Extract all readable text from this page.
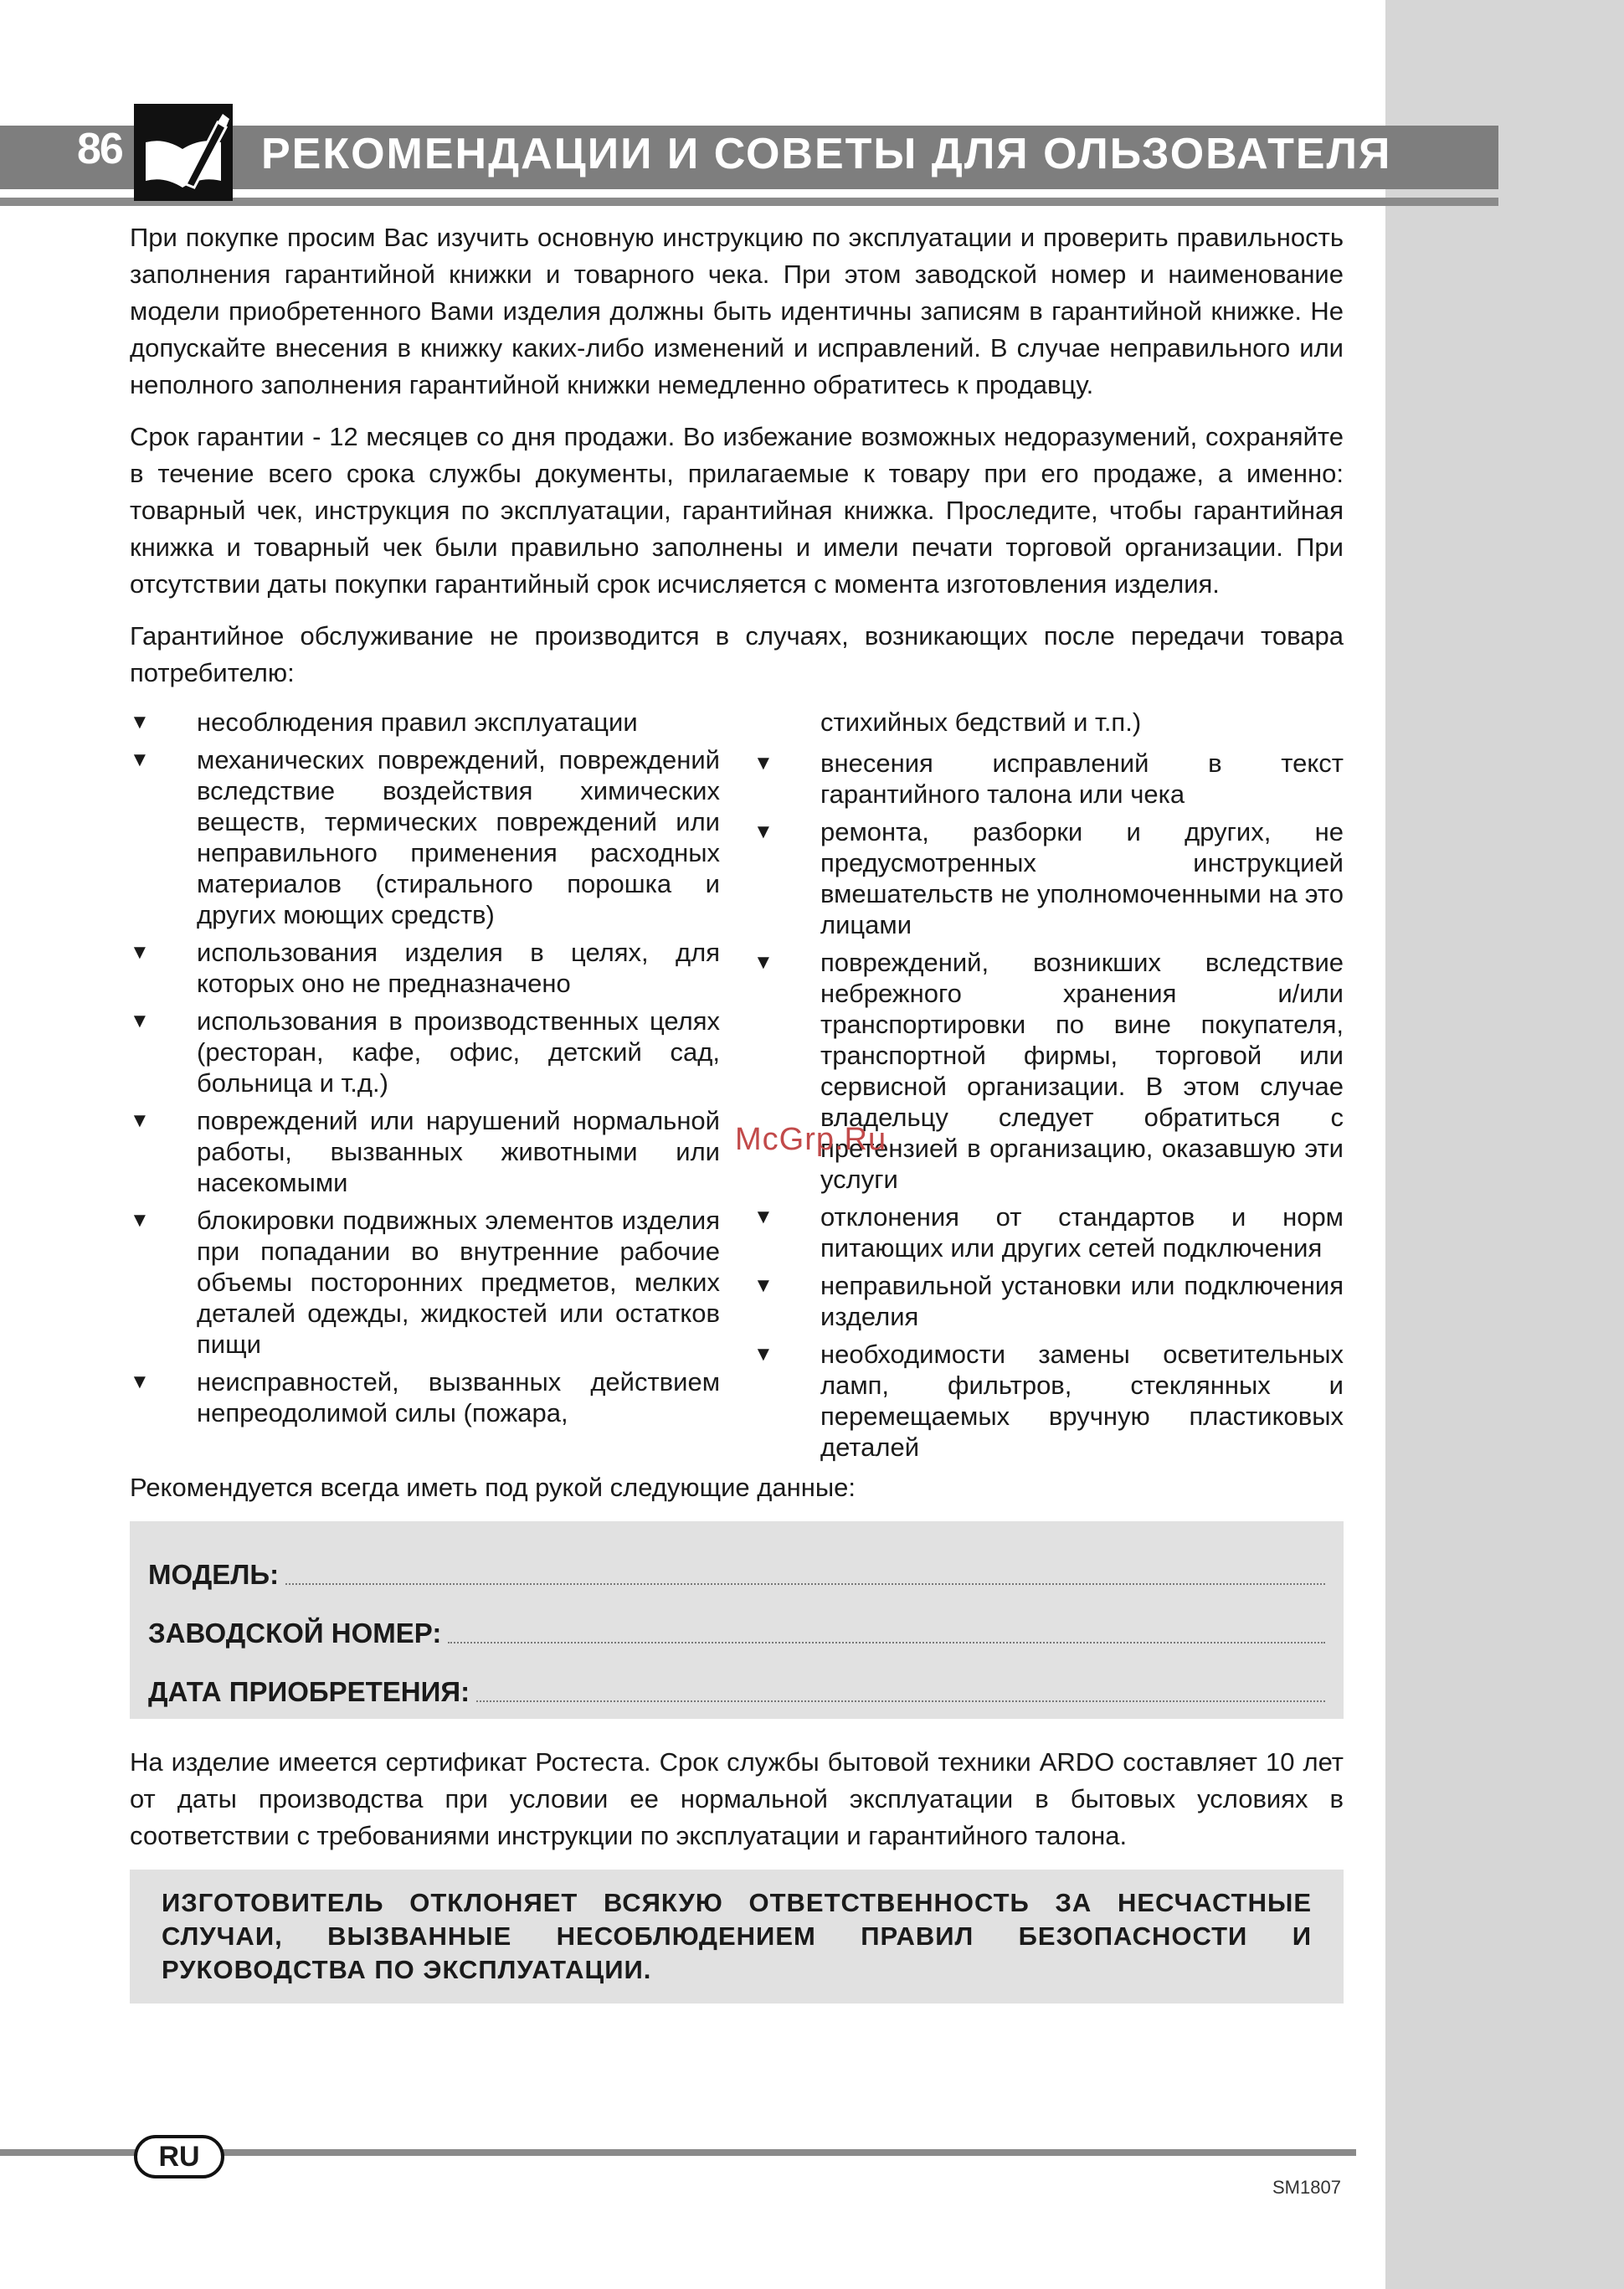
86	РЕКОМЕНДАЦИИ И СОВЕТЫ ДЛЯ ОЛЬЗОВАТЕЛЯ

При покупке просим Вас изучить основную инструкцию по эксплуатации и проверить правильность заполнения гарантийной книжки и товарного чека. При этом заводской номер и наименование модели приобретенного Вами изделия должны быть идентичны записям в гарантийной книжке. Не допускайте внесения в книжку каких-либо изменений и исправлений. В случае неправильного или неполного заполнения гарантийной книжки немедленно обратитесь к продавцу.

Срок гарантии - 12 месяцев со дня продажи. Во избежание возможных недоразумений, сохраняйте в течение всего срока службы документы, прилагаемые к товару при его продаже, а именно: товарный чек, инструкция по эксплуатации, гарантийная книжка. Проследите, чтобы гарантийная книжка и товарный чек были правильно заполнены и имели печати торговой организации. При отсутствии даты покупки гарантийный срок исчисляется с момента изготовления изделия.

Гарантийное обслуживание не производится в случаях, возникающих после передачи товара потребителю:

▼	несоблюдения правил эксплуатации
▼	механических повреждений, повреждений вследствие воздействия химических веществ, термических повреждений или неправильного применения расходных материалов (стирального порошка и других моющих средств)
▼	использования изделия в целях, для которых оно не предназначено
▼	использования в производственных целях (ресторан, кафе, офис, детский сад, больница и т.д.)
▼	повреждений или нарушений нормальной работы, вызванных животными или насекомыми
▼	блокировки подвижных элементов изделия при попадании во внутренние рабочие объемы посторонних предметов, мелких деталей одежды, жидкостей или остатков пищи
▼	неисправностей, вызванных действием непреодолимой силы (пожара,
стихийных бедствий и т.п.)
▼	внесения исправлений в текст гарантийного талона или чека
▼	ремонта, разборки и других, не предусмотренных инструкцией вмешательств не уполномоченными на это лицами
▼	повреждений, возникших вследствие небрежного хранения и/или транспортировки по вине покупателя, транспортной фирмы, торговой или сервисной организации. В этом случае владельцу следует обратиться с претензией в организацию, оказавшую эти услуги
▼	отклонения от стандартов и норм питающих или других сетей подключения
▼	неправильной установки или подключения изделия
▼	необходимости замены осветительных ламп, фильтров, стеклянных и перемещаемых вручную пластиковых деталей

Рекомендуется всегда иметь под рукой следующие данные:

МОДЕЛЬ:
ЗАВОДСКОЙ НОМЕР:
ДАТА ПРИОБРЕТЕНИЯ:

На изделие имеется сертификат Ростеста. Срок службы бытовой техники ARDO составляет 10 лет от даты производства при условии ее нормальной эксплуатации в бытовых условиях в соответствии с требованиями инструкции по эксплуатации и гарантийного талона.

ИЗГОТОВИТЕЛЬ ОТКЛОНЯЕТ ВСЯКУЮ ОТВЕТСТВЕННОСТЬ ЗА НЕСЧАСТНЫЕ СЛУЧАИ, ВЫЗВАННЫЕ НЕСОБЛЮДЕНИЕМ ПРАВИЛ БЕЗОПАСНОСТИ И РУКОВОДСТВА ПО ЭКСПЛУАТАЦИИ.
McGrp.Ru
RU
SM1807
